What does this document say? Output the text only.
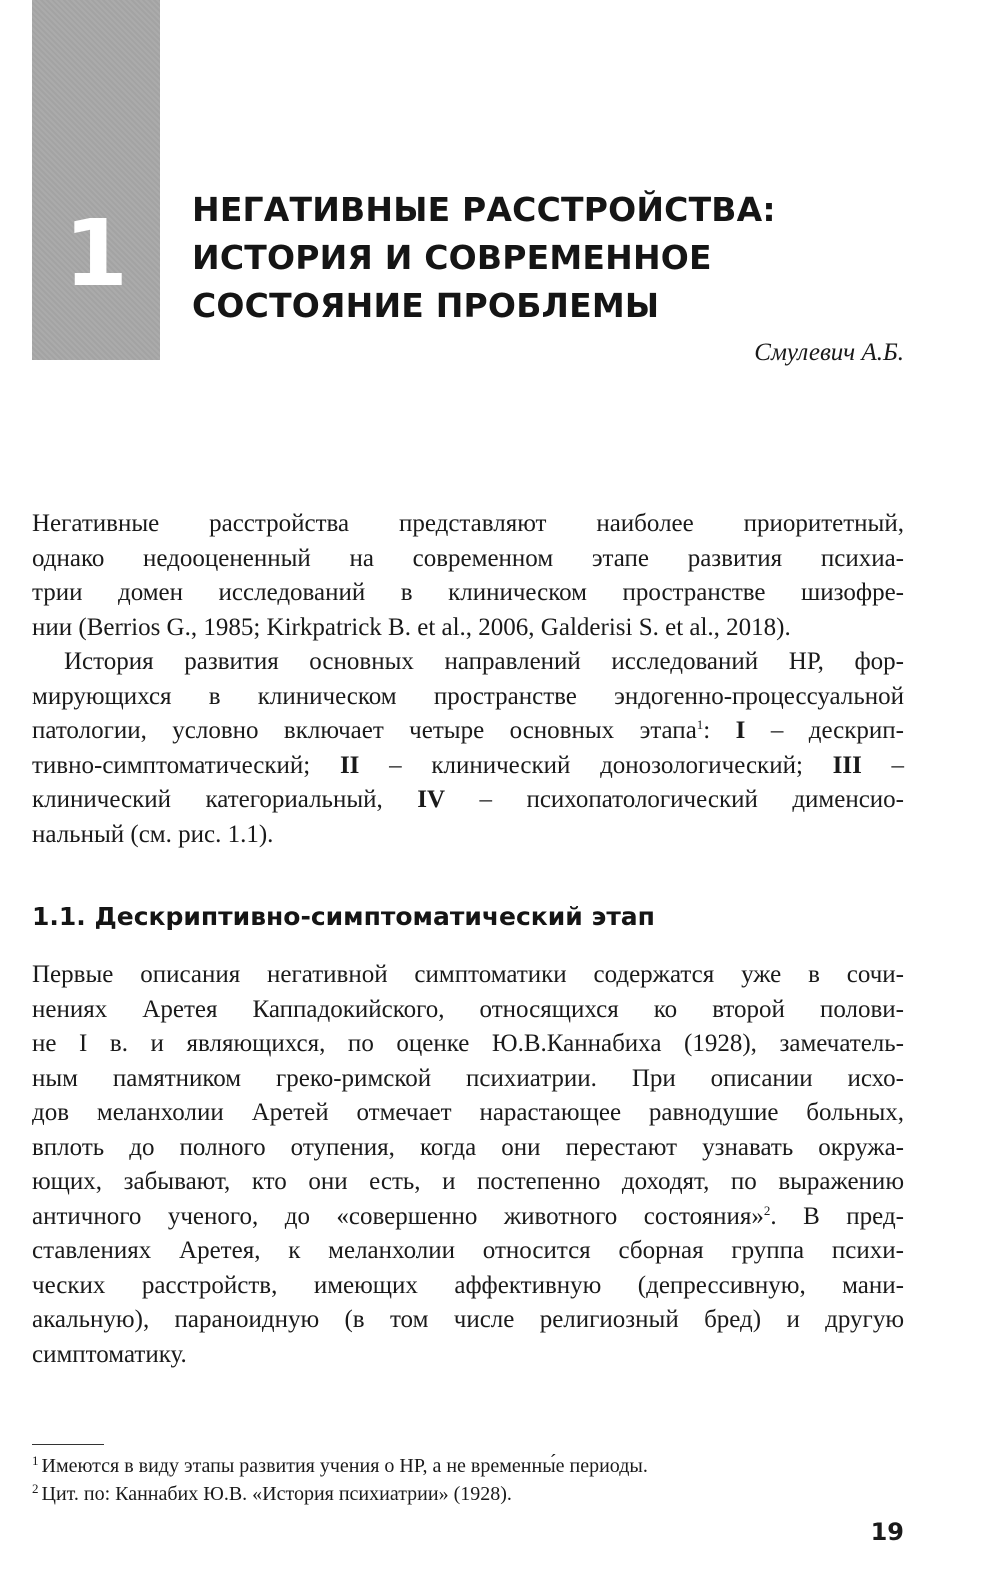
1	НЕГАТИВНЫЕ РАССТРОЙСТВА:
ИСТОРИЯ И СОВРЕМЕННОЕ
СОСТОЯНИЕ ПРОБЛЕМЫ
Смулевич А.Б.

Негативные расстройства представляют наиболее приоритетный,
однако недооцененный на современном этапе развития психиа-
трии домен исследований в клиническом пространстве шизофре-
нии (Berrios G., 1985; Kirkpatrick B. et al., 2006, Galderisi S. et al., 2018).

История развития основных направлений исследований НР, фор-
мирующихся в клиническом пространстве эндогенно-процессуальной
патологии, условно включает четыре основных этапа$^1$: I – дескрип-
тивно-симптоматический; II – клинический донозологический; III –
клинический категориальный, IV – психопатологический дименсио-
нальный (см. рис. 1.1).

1.1. Дескриптивно-симптоматический этап

Первые описания негативной симптоматики содержатся уже в сочи-
нениях Аретея Каппадокийского, относящихся ко второй полови-
не I в. и являющихся, по оценке Ю.В.Каннабиха (1928), замечатель-
ным памятником греко-римской психиатрии. При описании исхо-
дов меланхолии Аретей отмечает нарастающее равнодушие больных,
вплоть до полного отупения, когда они перестают узнавать окружа-
ющих, забывают, кто они есть, и постепенно доходят, по выражению
античного ученого, до «совершенно животного состояния»$^2$. В пред-
ставлениях Аретея, к меланхолии относится сборная группа психи-
ческих расстройств, имеющих аффективную (депрессивную, мани-
акальную), параноидную (в том числе религиозный бред) и другую
симптоматику.

$^1$ Имеются в виду этапы развития учения о НР, а не временны́е периоды.
$^2$ Цит. по: Каннабих Ю.В. «История психиатрии» (1928).
19
